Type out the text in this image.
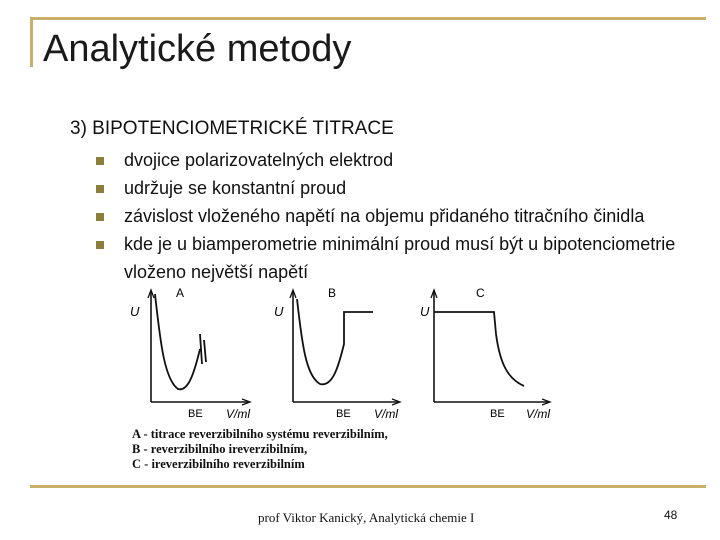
Analytické metody
3) BIPOTENCIOMETRICKÉ TITRACE
dvojice polarizovatelných elektrod
udržuje se konstantní proud
závislost vloženého napětí na objemu přidaného titračního činidla
kde je u biamperometrie minimální proud musí být u bipotenciometrie vloženo největší napětí
A
U
BE V/ml
B
U
BE V/ml
C
U
BE V/ml
A - titrace reverzibilního systému reverzibilním,
B - reverzibilního ireverzibilním,
C - ireverzibilního reverzibilním
prof Viktor Kanický, Analytická chemie I	48
